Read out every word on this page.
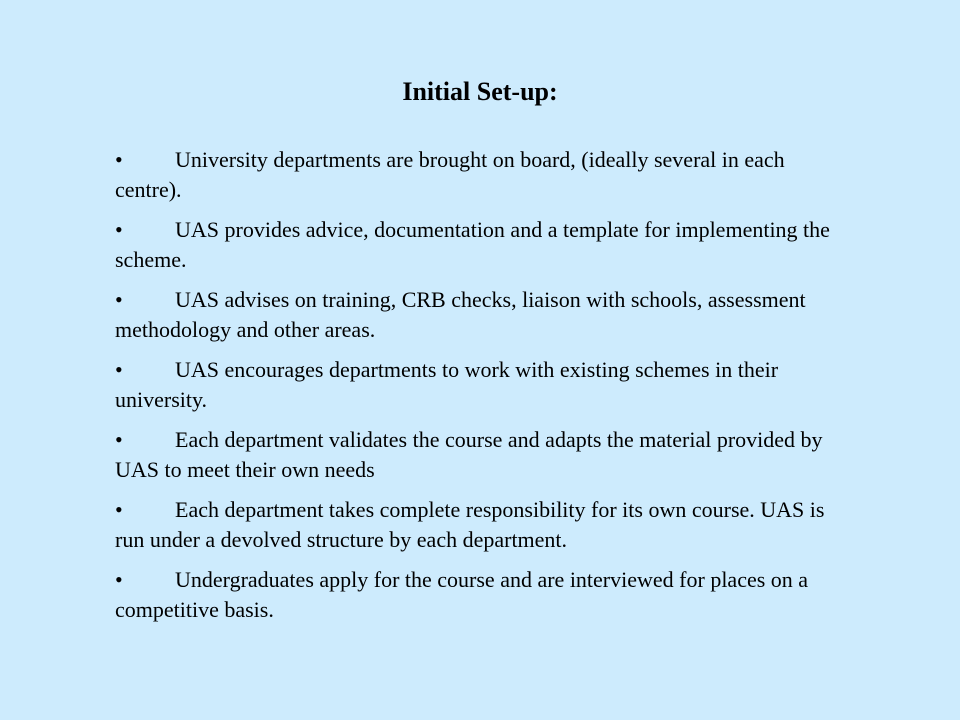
Initial Set-up:
• University departments are brought on board, (ideally several in each centre).
• UAS provides advice, documentation and a template for implementing the scheme.
• UAS advises on training, CRB checks, liaison with schools, assessment methodology and other areas.
• UAS encourages departments to work with existing schemes in their university.
• Each department validates the course and adapts the material provided by UAS to meet their own needs
• Each department takes complete responsibility for its own course. UAS is run under a devolved structure by each department.
• Undergraduates apply for the course and are interviewed for places on a competitive basis.
